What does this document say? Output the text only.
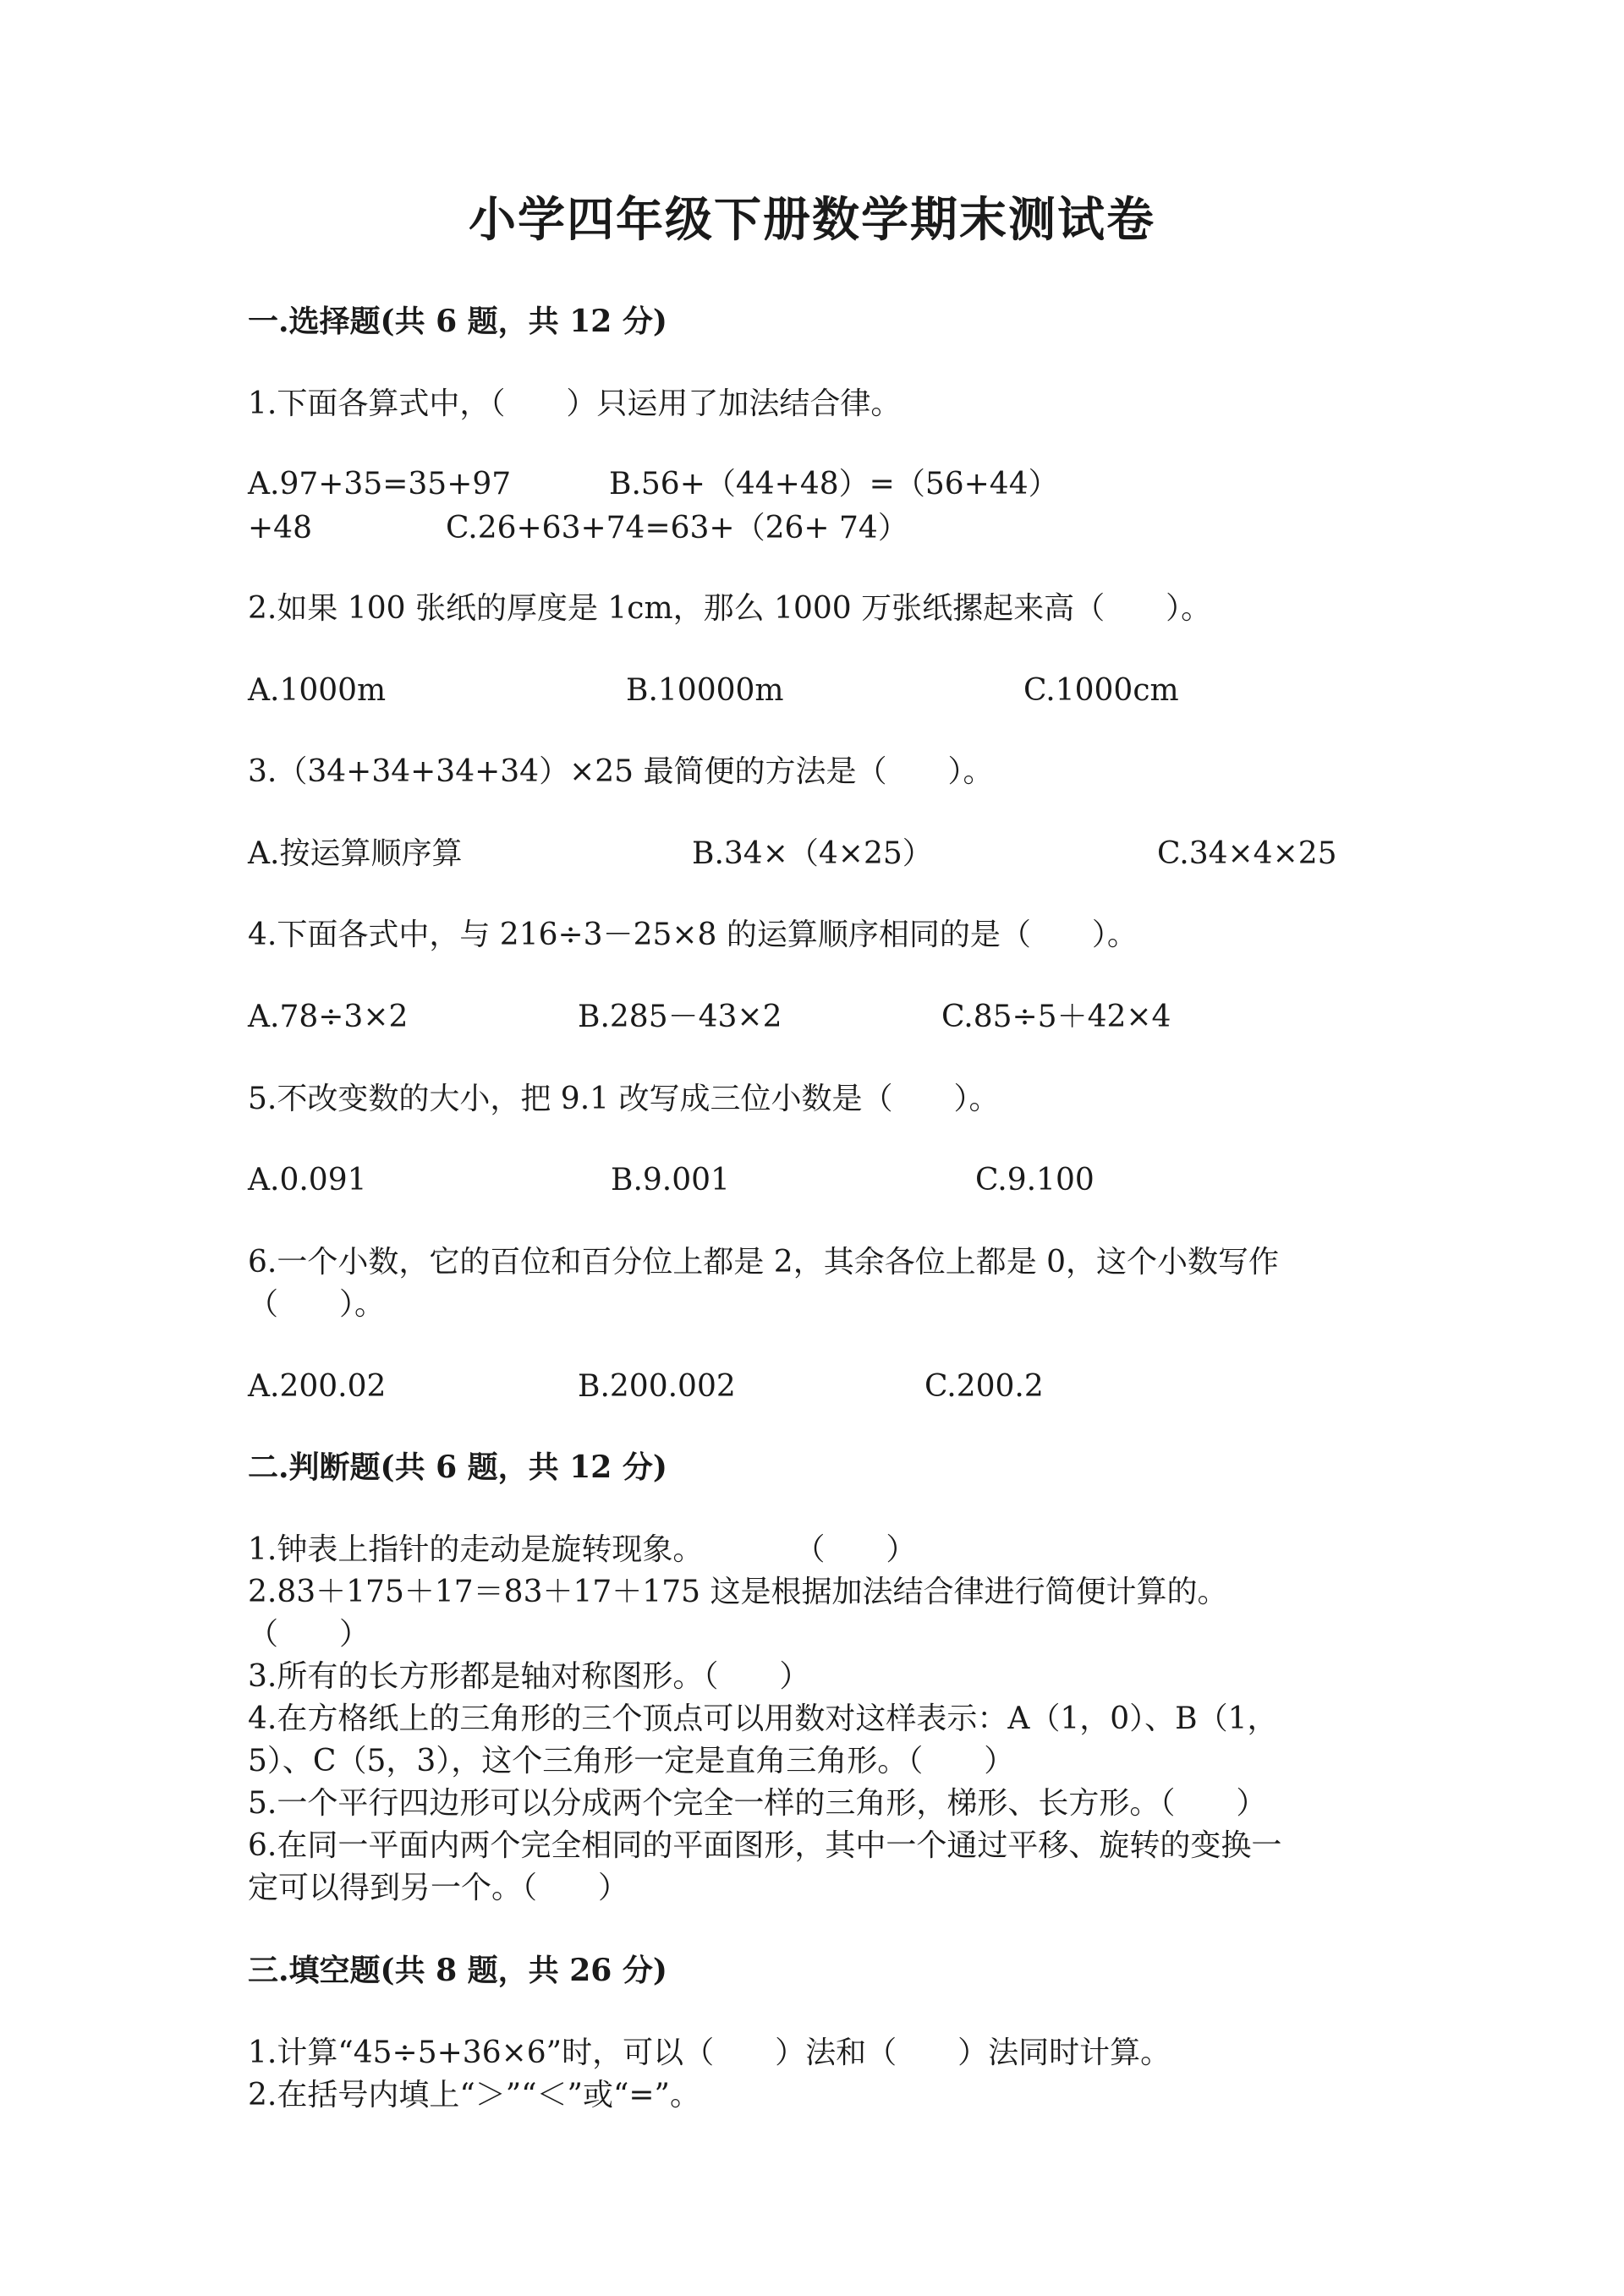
小学四年级下册数学期末测试卷
一.选择题(共 6 题，共 12 分)
1.下面各算式中，（　　）只运用了加法结合律。
A.97+35=35+97	B.56+（44+48）=（56+44）
+48	C.26+63+74=63+（26+ 74）
2.如果 100 张纸的厚度是 1cm，那么 1000 万张纸摞起来高（　　）。
A.1000m	B.10000m	C.1000cm
3.（34+34+34+34）×25 最简便的方法是（　　）。
A.按运算顺序算	B.34×（4×25）	C.34×4×25
4.下面各式中，与 216÷3－25×8 的运算顺序相同的是（　　）。
A.78÷3×2	B.285－43×2	C.85÷5＋42×4
5.不改变数的大小，把 9.1 改写成三位小数是（　　）。
A.0.091	B.9.001	C.9.100
6.一个小数，它的百位和百分位上都是 2，其余各位上都是 0，这个小数写作
（　　）。
A.200.02	B.200.002	C.200.2
二.判断题(共 6 题，共 12 分)
1.钟表上指针的走动是旋转现象。　　　　（　　）
2.83＋175＋17＝83＋17＋175 这是根据加法结合律进行简便计算的。
（　　）
3.所有的长方形都是轴对称图形。（　　）
4.在方格纸上的三角形的三个顶点可以用数对这样表示：A（1，0）、B（1，
5）、C（5，3），这个三角形一定是直角三角形。（　　）
5.一个平行四边形可以分成两个完全一样的三角形，梯形、长方形。（　　）
6.在同一平面内两个完全相同的平面图形，其中一个通过平移、旋转的变换一
定可以得到另一个。（　　）
三.填空题(共 8 题，共 26 分)
1.计算“45÷5+36×6”时，可以（　　）法和（　　）法同时计算。
2.在括号内填上“＞”“＜”或“=”。
